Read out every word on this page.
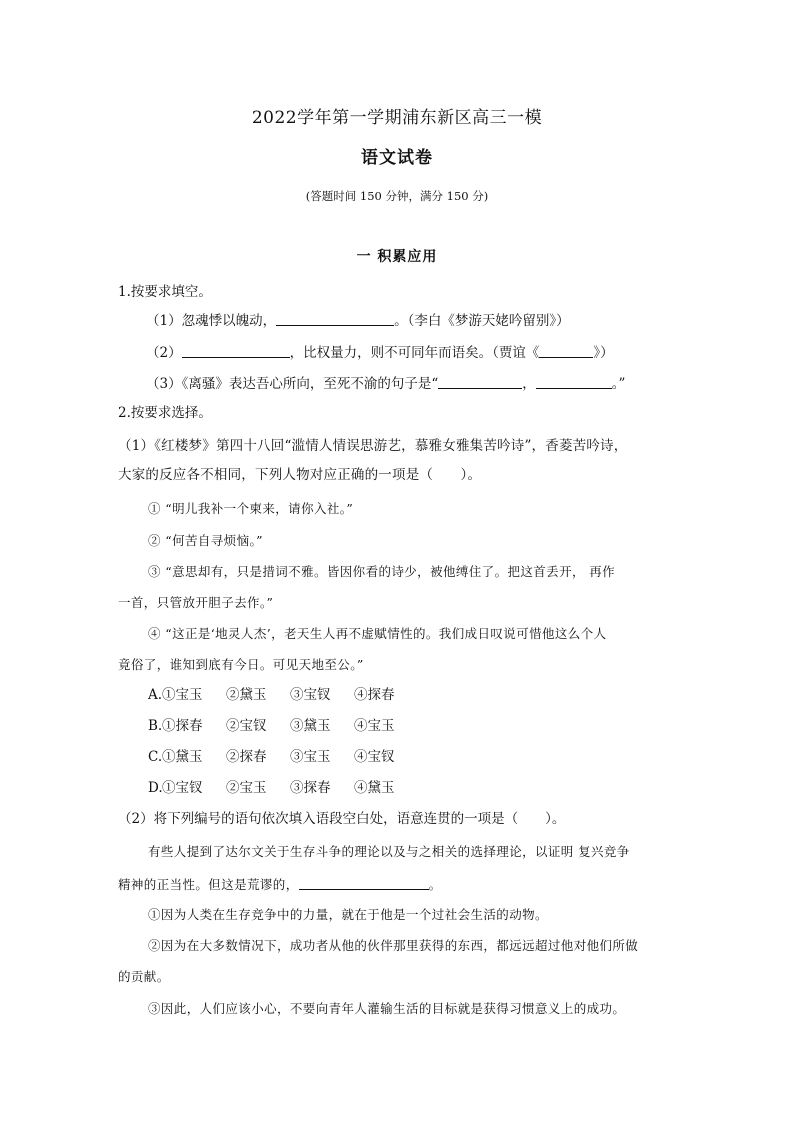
2022学年第一学期浦东新区高三一模
语文试卷
(答题时间 150 分钟，满分 150 分)
一 积累应用
1.按要求填空。
（1）忽魂悸以魄动，	。（李白《梦游天姥吟留别》）
（2）	，比权量力，则不可同年而语矣。（贾谊《	》）
（3）《离骚》表达吾心所向，至死不渝的句子是“	，	。”
2.按要求选择。
（1）《红楼梦》第四十八回“滥情人情误思游艺，慕雅女雅集苦吟诗”，香菱苦吟诗，
大家的反应各不相同，下列人物对应正确的一项是（　　）。
① “明儿我补一个柬来，请你入社。”
② “何苦自寻烦恼。”
③ “意思却有，只是措词不雅。皆因你看的诗少，被他缚住了。把这首丢开， 再作
一首，只管放开胆子去作。”
④ “这正是‘地灵人杰’，老天生人再不虚赋情性的。我们成日叹说可惜他这么个人
竟俗了，谁知到底有今日。可见天地至公。”
A.①宝玉 ②黛玉 ③宝钗 ④探春
B.①探春 ②宝钗 ③黛玉 ④宝玉
C.①黛玉 ②探春 ③宝玉 ④宝钗
D.①宝钗 ②宝玉 ③探春 ④黛玉
（2）将下列编号的语句依次填入语段空白处，语意连贯的一项是（　　）。
有些人提到了达尔文关于生存斗争的理论以及与之相关的选择理论，以证明 复兴竞争
精神的正当性。但这是荒谬的，	。
①因为人类在生存竞争中的力量，就在于他是一个过社会生活的动物。
②因为在大多数情况下，成功者从他的伙伴那里获得的东西，都远远超过他对他们所做
的贡献。
③因此，人们应该小心，不要向青年人灌输生活的目标就是获得习惯意义上的成功。
